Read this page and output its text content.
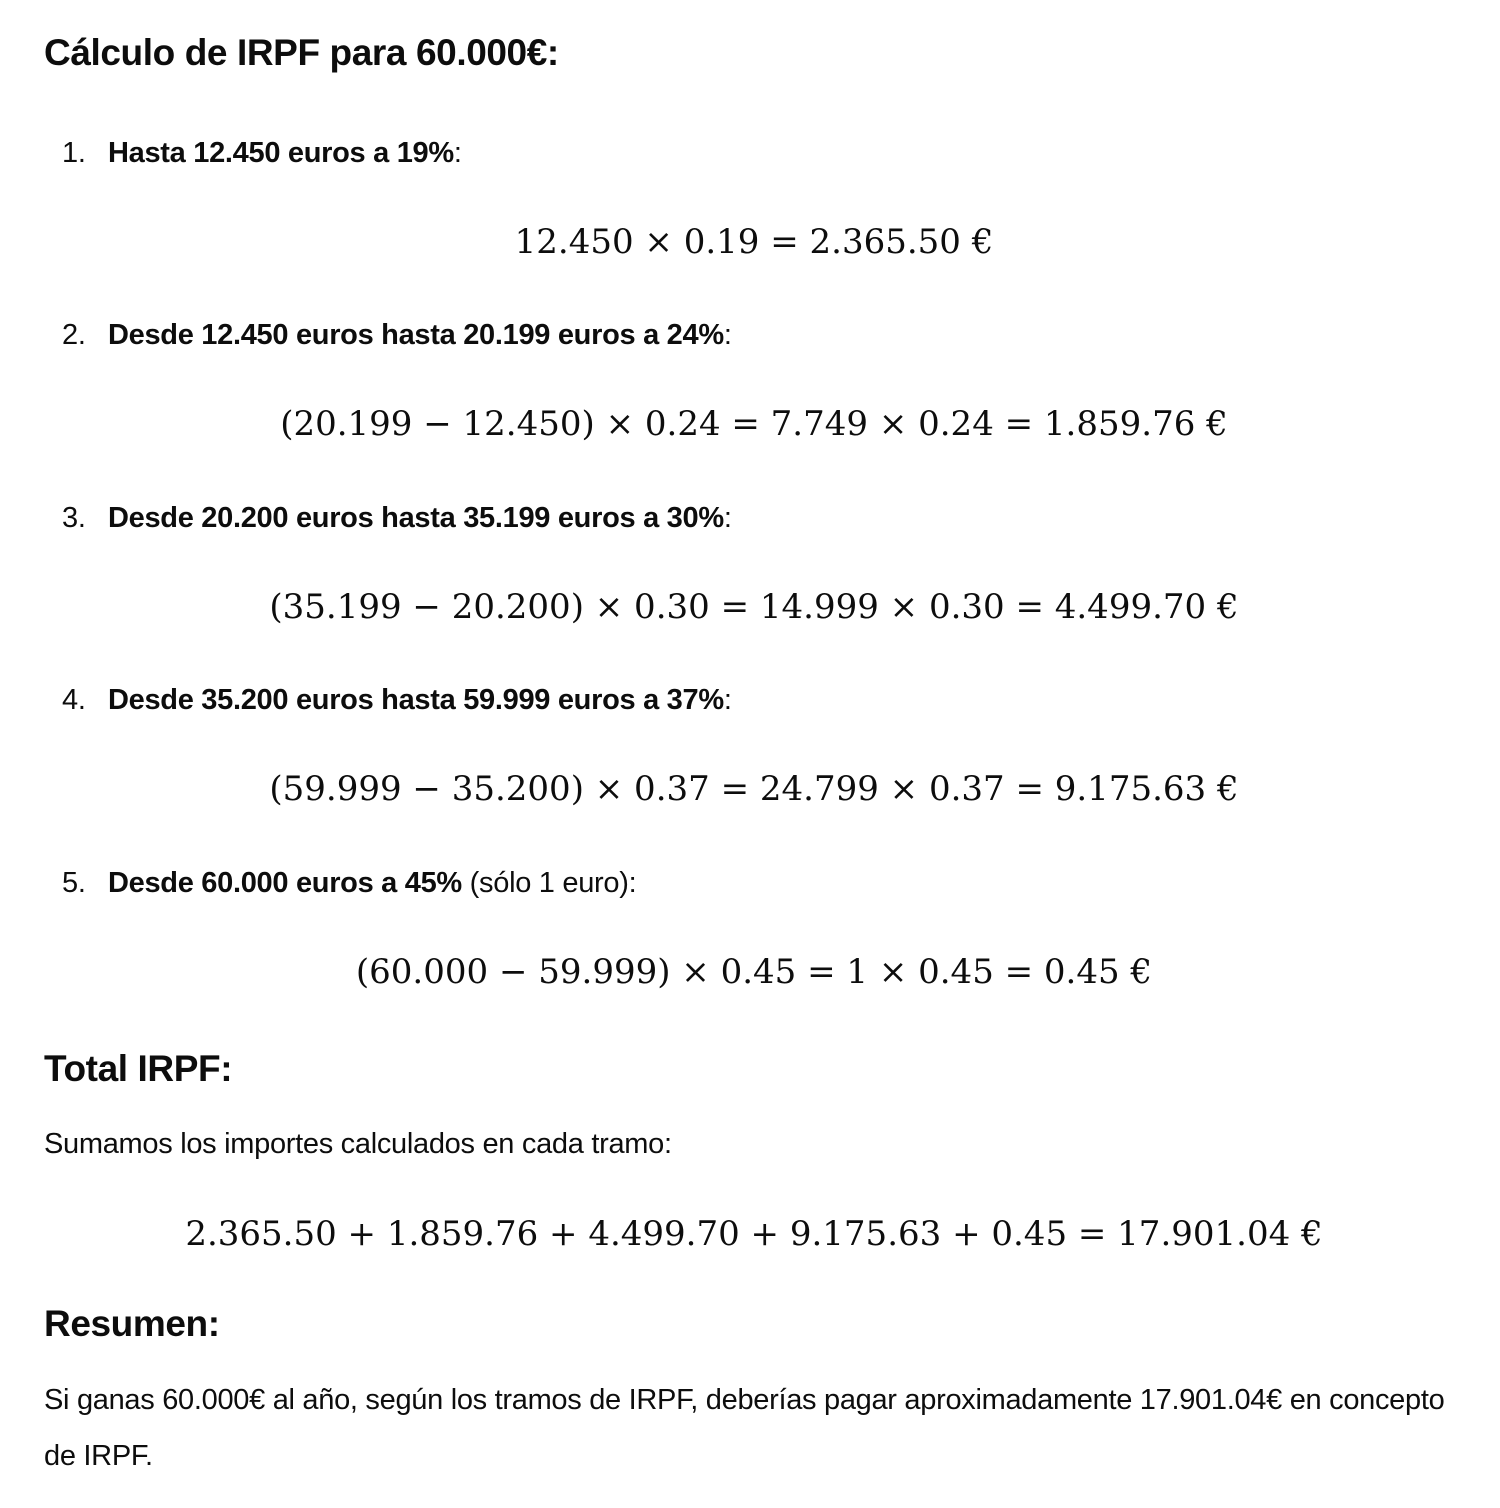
Cálculo de IRPF para 60.000€:
1. Hasta 12.450 euros a 19%:
12.450 × 0.19 = 2.365.50 €
2. Desde 12.450 euros hasta 20.199 euros a 24%:
(20.199 − 12.450) × 0.24 = 7.749 × 0.24 = 1.859.76 €
3. Desde 20.200 euros hasta 35.199 euros a 30%:
(35.199 − 20.200) × 0.30 = 14.999 × 0.30 = 4.499.70 €
4. Desde 35.200 euros hasta 59.999 euros a 37%:
(59.999 − 35.200) × 0.37 = 24.799 × 0.37 = 9.175.63 €
5. Desde 60.000 euros a 45% (sólo 1 euro):
(60.000 − 59.999) × 0.45 = 1 × 0.45 = 0.45 €
Total IRPF:

Sumamos los importes calculados en cada tramo:

2.365.50 + 1.859.76 + 4.499.70 + 9.175.63 + 0.45 = 17.901.04 €
Resumen:

Si ganas 60.000€ al año, según los tramos de IRPF, deberías pagar aproximadamente 17.901.04€ en concepto de IRPF.
